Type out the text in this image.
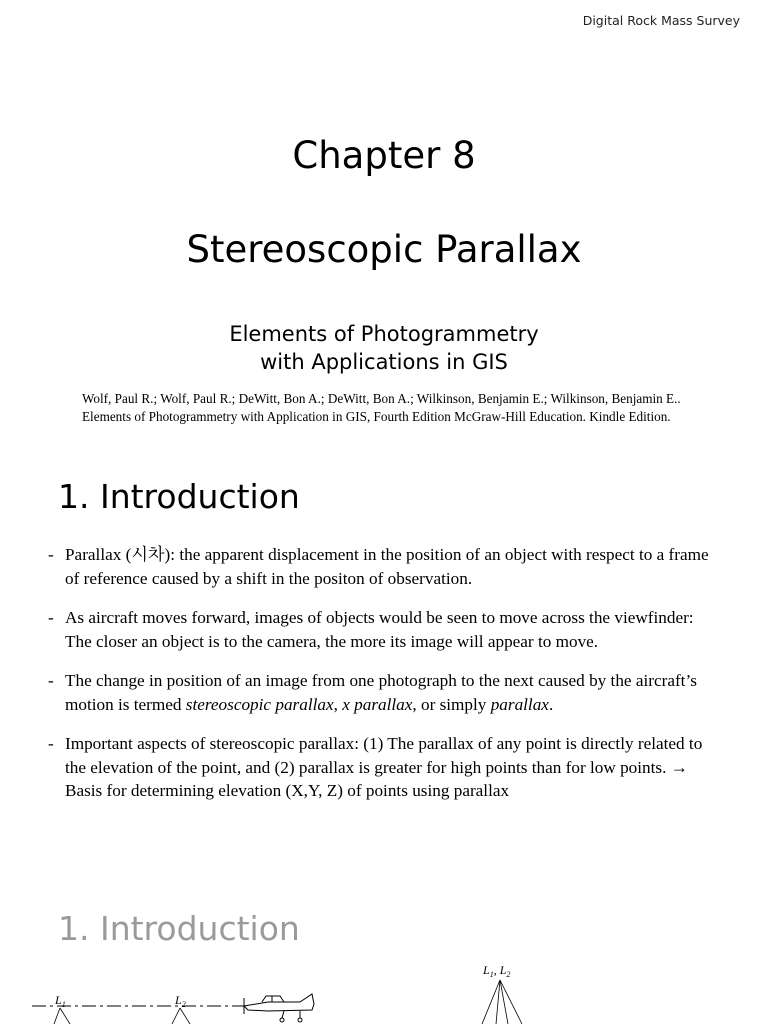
Digital Rock Mass Survey
Chapter 8
Stereoscopic Parallax
Elements of Photogrammetry
with Applications in GIS
Wolf, Paul R.; Wolf, Paul R.; DeWitt, Bon A.; DeWitt, Bon A.; Wilkinson, Benjamin E.; Wilkinson, Benjamin E..
Elements of Photogrammetry with Application in GIS, Fourth Edition McGraw-Hill Education. Kindle Edition.
1. Introduction
- Parallax (시차): the apparent displacement in the position of an object with respect to a frame of reference caused by a shift in the positon of observation.
- As aircraft moves forward, images of objects would be seen to move across the viewfinder: The closer an object is to the camera, the more its image will appear to move.
- The change in position of an image from one photograph to the next caused by the aircraft’s motion is termed stereoscopic parallax, x parallax, or simply parallax.
- Important aspects of stereoscopic parallax: (1) The parallax of any point is directly related to the elevation of the point, and (2) parallax is greater for high points than for low points. → Basis for determining elevation (X,Y, Z) of points using parallax
1. Introduction
$L_1$	$L_2$
$L_1$, $L_2$
